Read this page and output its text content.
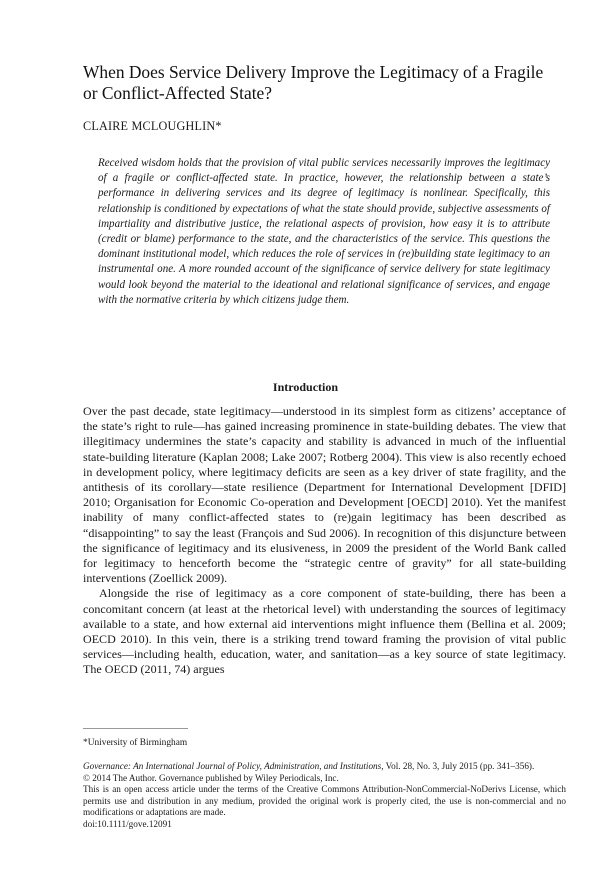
When Does Service Delivery Improve the Legitimacy of a Fragile or Conflict-Affected State?
CLAIRE MCLOUGHLIN*
Received wisdom holds that the provision of vital public services necessarily improves the legitimacy of a fragile or conflict-affected state. In practice, however, the relationship between a state’s performance in delivering services and its degree of legitimacy is nonlinear. Specifically, this relationship is conditioned by expectations of what the state should provide, subjective assessments of impartiality and distributive justice, the relational aspects of provision, how easy it is to attribute (credit or blame) performance to the state, and the characteristics of the service. This questions the dominant institutional model, which reduces the role of services in (re)building state legitimacy to an instrumental one. A more rounded account of the significance of service delivery for state legitimacy would look beyond the material to the ideational and relational significance of services, and engage with the normative criteria by which citizens judge them.
Introduction

Over the past decade, state legitimacy—understood in its simplest form as citizens’ acceptance of the state’s right to rule—has gained increasing prominence in state-building debates. The view that illegitimacy undermines the state’s capacity and stability is advanced in much of the influential state-building literature (Kaplan 2008; Lake 2007; Rotberg 2004). This view is also recently echoed in development policy, where legitimacy deficits are seen as a key driver of state fragility, and the antithesis of its corollary—state resilience (Department for International Development [DFID] 2010; Organisation for Economic Co-operation and Development [OECD] 2010). Yet the manifest inability of many conflict-affected states to (re)gain legitimacy has been described as “disappointing” to say the least (François and Sud 2006). In recognition of this disjuncture between the significance of legitimacy and its elusiveness, in 2009 the president of the World Bank called for legitimacy to henceforth become the “strategic centre of gravity” for all state-building interventions (Zoellick 2009).

Alongside the rise of legitimacy as a core component of state-building, there has been a concomitant concern (at least at the rhetorical level) with understanding the sources of legitimacy available to a state, and how external aid interventions might influence them (Bellina et al. 2009; OECD 2010). In this vein, there is a striking trend toward framing the provision of vital public services—including health, education, water, and sanitation—as a key source of state legitimacy. The OECD (2011, 74) argues

*University of Birmingham
Governance: An International Journal of Policy, Administration, and Institutions, Vol. 28, No. 3, July 2015 (pp. 341–356).
© 2014 The Author. Governance published by Wiley Periodicals, Inc.
This is an open access article under the terms of the Creative Commons Attribution-NonCommercial-NoDerivs License, which permits use and distribution in any medium, provided the original work is properly cited, the use is non-commercial and no modifications or adaptations are made.
doi:10.1111/gove.12091
